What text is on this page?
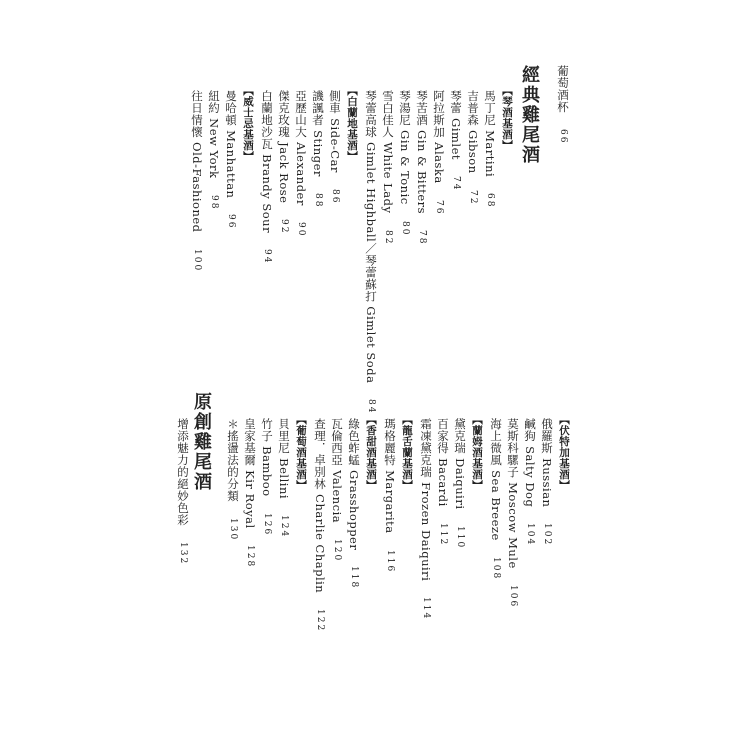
葡萄酒杯66
經典雞尾酒
【琴酒基酒】
馬丁尼 Martini68
吉普森 Gibson72
琴蕾 Gimlet74
阿拉斯加 Alaska76
琴苦酒 Gin & Bitters78
琴湯尼 Gin & Tonic80
雪白佳人 White Lady82
琴蕾高球 Gimlet Highball／琴蕾蘇打 Gimlet Soda84
【白蘭地基酒】
側車 Side-Car86
譏諷者 Stinger88
亞歷山大 Alexander90
傑克玫瑰 Jack Rose92
白蘭地沙瓦 Brandy Sour94
【威士忌基酒】
曼哈頓 Manhattan96
紐約 New York98
往日情懷 Old-Fashioned100
【伏特加基酒】
俄羅斯 Russian102
鹹狗 Salty Dog104
莫斯科騾子 Moscow Mule106
海上微風 Sea Breeze108
【蘭姆酒基酒】
黛克瑞 Daiquiri110
百家得 Bacardi112
霜凍黛克瑞 Frozen Daiquiri114
【龍舌蘭基酒】
瑪格麗特 Margarita116
【香甜酒基酒】
綠色蚱蜢 Grasshopper118
瓦倫西亞 Valencia120
查理．卓別林 Charlie Chaplin122
【葡萄酒基酒】
貝里尼 Bellini124
竹子 Bamboo126
皇家基爾 Kir Royal128
＊搖盪法的分類130
原創雞尾酒
增添魅力的絕妙色彩132
